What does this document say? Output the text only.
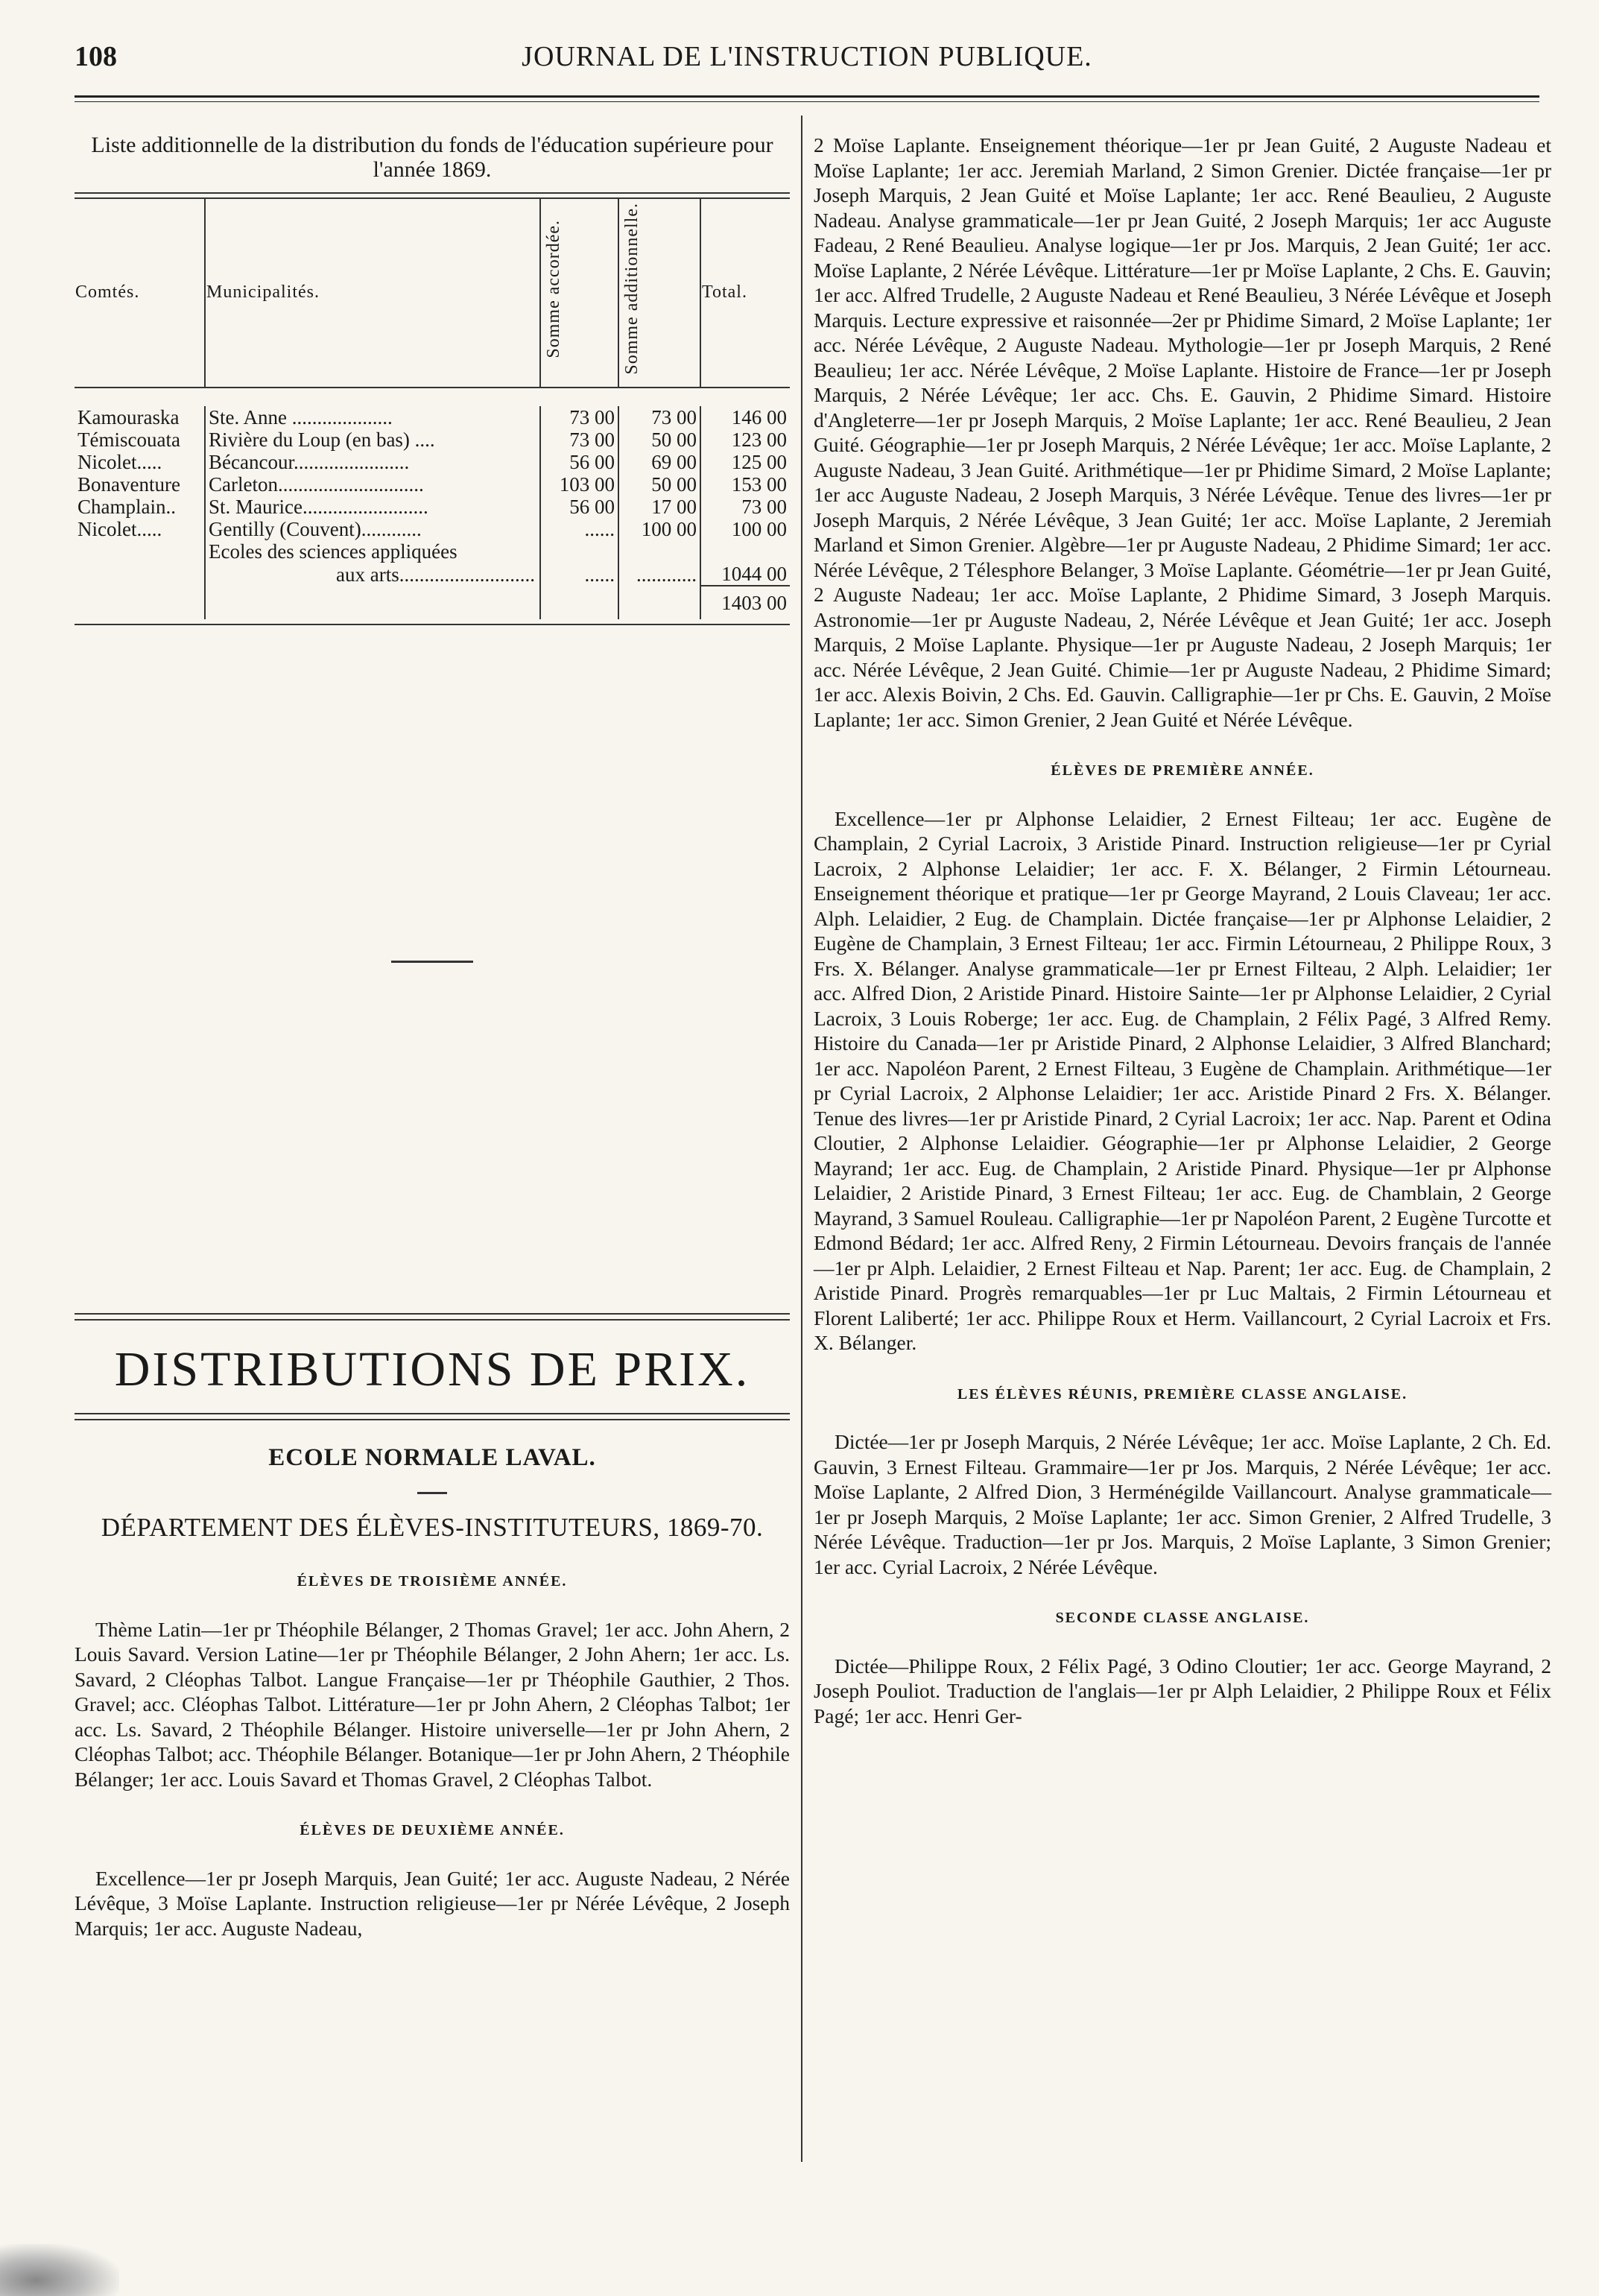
108	JOURNAL DE L'INSTRUCTION PUBLIQUE.
Liste additionnelle de la distribution du fonds de l'éducation supérieure pour l'année 1869.
Comtés.	Municipalités.	Somme accordée.	Somme additionnelle.	Total.

Kamouraska	Ste. Anne ....................	73 00	73 00	146 00
Témiscouata	Rivière du Loup (en bas) ....	73 00	50 00	123 00
Nicolet.....	Bécancour.......................	56 00	69 00	125 00
Bonaventure	Carleton.............................	103 00	50 00	153 00
Champlain..	St. Maurice.........................	56 00	17 00	73 00
Nicolet.....	Gentilly (Couvent)............	......	100 00	100 00
	Ecoles des sciences appliquées			
	aux arts...........................	......	............	1044 00
				1403 00
DISTRIBUTIONS DE PRIX.
ECOLE NORMALE LAVAL.
DÉPARTEMENT DES ÉLÈVES-INSTITUTEURS, 1869-70.
ÉLÈVES DE TROISIÈME ANNÉE.
Thème Latin—1er pr Théophile Bélanger, 2 Thomas Gravel; 1er acc. John Ahern, 2 Louis Savard. Version Latine—1er pr Théophile Bélanger, 2 John Ahern; 1er acc. Ls. Savard, 2 Cléophas Talbot. Langue Française—1er pr Théophile Gauthier, 2 Thos. Gravel; acc. Cléophas Talbot. Littérature—1er pr John Ahern, 2 Cléophas Talbot; 1er acc. Ls. Savard, 2 Théophile Bélanger. Histoire universelle—1er pr John Ahern, 2 Cléophas Talbot; acc. Théophile Bélanger. Botanique—1er pr John Ahern, 2 Théophile Bélanger; 1er acc. Louis Savard et Thomas Gravel, 2 Cléophas Talbot.
ÉLÈVES DE DEUXIÈME ANNÉE.
Excellence—1er pr Joseph Marquis, Jean Guité; 1er acc. Auguste Nadeau, 2 Nérée Lévêque, 3 Moïse Laplante. Instruction religieuse—1er pr Nérée Lévêque, 2 Joseph Marquis; 1er acc. Auguste Nadeau,
2 Moïse Laplante. Enseignement théorique—1er pr Jean Guité, 2 Auguste Nadeau et Moïse Laplante; 1er acc. Jeremiah Marland, 2 Simon Grenier. Dictée française—1er pr Joseph Marquis, 2 Jean Guité et Moïse Laplante; 1er acc. René Beaulieu, 2 Auguste Nadeau. Analyse grammaticale—1er pr Jean Guité, 2 Joseph Marquis; 1er acc Auguste Fadeau, 2 René Beaulieu. Analyse logique—1er pr Jos. Marquis, 2 Jean Guité; 1er acc. Moïse Laplante, 2 Nérée Lévêque. Littérature—1er pr Moïse Laplante, 2 Chs. E. Gauvin; 1er acc. Alfred Trudelle, 2 Auguste Nadeau et René Beaulieu, 3 Nérée Lévêque et Joseph Marquis. Lecture expressive et raisonnée—2er pr Phidime Simard, 2 Moïse Laplante; 1er acc. Nérée Lévêque, 2 Auguste Nadeau. Mythologie—1er pr Joseph Marquis, 2 René Beaulieu; 1er acc. Nérée Lévêque, 2 Moïse Laplante. Histoire de France—1er pr Joseph Marquis, 2 Nérée Lévêque; 1er acc. Chs. E. Gauvin, 2 Phidime Simard. Histoire d'Angleterre—1er pr Joseph Marquis, 2 Moïse Laplante; 1er acc. René Beaulieu, 2 Jean Guité. Géographie—1er pr Joseph Marquis, 2 Nérée Lévêque; 1er acc. Moïse Laplante, 2 Auguste Nadeau, 3 Jean Guité. Arithmétique—1er pr Phidime Simard, 2 Moïse Laplante; 1er acc Auguste Nadeau, 2 Joseph Marquis, 3 Nérée Lévêque. Tenue des livres—1er pr Joseph Marquis, 2 Nérée Lévêque, 3 Jean Guité; 1er acc. Moïse Laplante, 2 Jeremiah Marland et Simon Grenier. Algèbre—1er pr Auguste Nadeau, 2 Phidime Simard; 1er acc. Nérée Lévêque, 2 Télesphore Belanger, 3 Moïse Laplante. Géométrie—1er pr Jean Guité, 2 Auguste Nadeau; 1er acc. Moïse Laplante, 2 Phidime Simard, 3 Joseph Marquis. Astronomie—1er pr Auguste Nadeau, 2, Nérée Lévêque et Jean Guité; 1er acc. Joseph Marquis, 2 Moïse Laplante. Physique—1er pr Auguste Nadeau, 2 Joseph Marquis; 1er acc. Nérée Lévêque, 2 Jean Guité. Chimie—1er pr Auguste Nadeau, 2 Phidime Simard; 1er acc. Alexis Boivin, 2 Chs. Ed. Gauvin. Calligraphie—1er pr Chs. E. Gauvin, 2 Moïse Laplante; 1er acc. Simon Grenier, 2 Jean Guité et Nérée Lévêque.
ÉLÈVES DE PREMIÈRE ANNÉE.
Excellence—1er pr Alphonse Lelaidier, 2 Ernest Filteau; 1er acc. Eugène de Champlain, 2 Cyrial Lacroix, 3 Aristide Pinard. Instruction religieuse—1er pr Cyrial Lacroix, 2 Alphonse Lelaidier; 1er acc. F. X. Bélanger, 2 Firmin Létourneau. Enseignement théorique et pratique—1er pr George Mayrand, 2 Louis Claveau; 1er acc. Alph. Lelaidier, 2 Eug. de Champlain. Dictée française—1er pr Alphonse Lelaidier, 2 Eugène de Champlain, 3 Ernest Filteau; 1er acc. Firmin Létourneau, 2 Philippe Roux, 3 Frs. X. Bélanger. Analyse grammaticale—1er pr Ernest Filteau, 2 Alph. Lelaidier; 1er acc. Alfred Dion, 2 Aristide Pinard. Histoire Sainte—1er pr Alphonse Lelaidier, 2 Cyrial Lacroix, 3 Louis Roberge; 1er acc. Eug. de Champlain, 2 Félix Pagé, 3 Alfred Remy. Histoire du Canada—1er pr Aristide Pinard, 2 Alphonse Lelaidier, 3 Alfred Blanchard; 1er acc. Napoléon Parent, 2 Ernest Filteau, 3 Eugène de Champlain. Arithmétique—1er pr Cyrial Lacroix, 2 Alphonse Lelaidier; 1er acc. Aristide Pinard 2 Frs. X. Bélanger. Tenue des livres—1er pr Aristide Pinard, 2 Cyrial Lacroix; 1er acc. Nap. Parent et Odina Cloutier, 2 Alphonse Lelaidier. Géographie—1er pr Alphonse Lelaidier, 2 George Mayrand; 1er acc. Eug. de Champlain, 2 Aristide Pinard. Physique—1er pr Alphonse Lelaidier, 2 Aristide Pinard, 3 Ernest Filteau; 1er acc. Eug. de Chamblain, 2 George Mayrand, 3 Samuel Rouleau. Calligraphie—1er pr Napoléon Parent, 2 Eugène Turcotte et Edmond Bédard; 1er acc. Alfred Reny, 2 Firmin Létourneau. Devoirs français de l'année—1er pr Alph. Lelaidier, 2 Ernest Filteau et Nap. Parent; 1er acc. Eug. de Champlain, 2 Aristide Pinard. Progrès remarquables—1er pr Luc Maltais, 2 Firmin Létourneau et Florent Laliberté; 1er acc. Philippe Roux et Herm. Vaillancourt, 2 Cyrial Lacroix et Frs. X. Bélanger.
LES ÉLÈVES RÉUNIS, PREMIÈRE CLASSE ANGLAISE.
Dictée—1er pr Joseph Marquis, 2 Nérée Lévêque; 1er acc. Moïse Laplante, 2 Ch. Ed. Gauvin, 3 Ernest Filteau. Grammaire—1er pr Jos. Marquis, 2 Nérée Lévêque; 1er acc. Moïse Laplante, 2 Alfred Dion, 3 Herménégilde Vaillancourt. Analyse grammaticale—1er pr Joseph Marquis, 2 Moïse Laplante; 1er acc. Simon Grenier, 2 Alfred Trudelle, 3 Nérée Lévêque. Traduction—1er pr Jos. Marquis, 2 Moïse Laplante, 3 Simon Grenier; 1er acc. Cyrial Lacroix, 2 Nérée Lévêque.
SECONDE CLASSE ANGLAISE.
Dictée—Philippe Roux, 2 Félix Pagé, 3 Odino Cloutier; 1er acc. George Mayrand, 2 Joseph Pouliot. Traduction de l'anglais—1er pr Alph Lelaidier, 2 Philippe Roux et Félix Pagé; 1er acc. Henri Ger-
